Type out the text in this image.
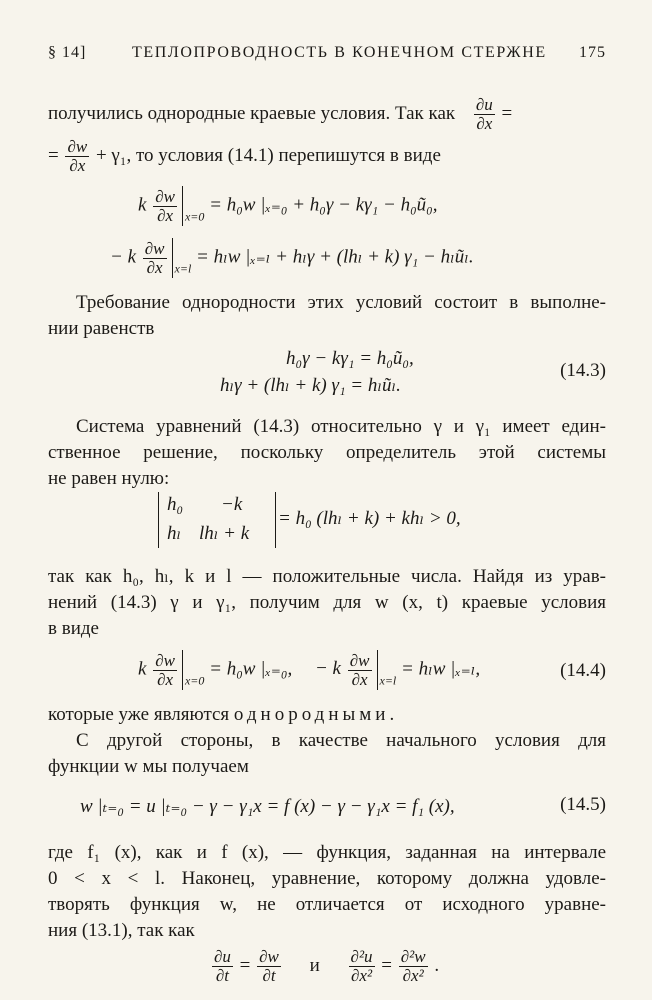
§ 14]	ТЕПЛОПРОВОДНОСТЬ В КОНЕЧНОМ СТЕРЖНЕ 175
получились однородные краевые условия. Так как $\frac{\partial u}{\partial x}$ =
= $\frac{\partial w}{\partial x} + \gamma_1$, то условия (14.1) перепишутся в виде
k $\frac{\partial w}{\partial x} _{x=0} = h_0w$ |ₓ₌₀ + h₀γ − kγ₁ − h₀ũ₀,
− k $\frac{\partial w}{\partial x} _{x=l} = h_lw$ |ₓ₌ₗ + hₗγ + (lhₗ + k) γ₁ − hₗũₗ.
Требование однородности этих условий состоит в выполне-
нии равенств
h₀γ − kγ₁ = h₀ũ₀,
hₗγ + (lhₗ + k) γ₁ = hₗũₗ.
(14.3)
Система уравнений (14.3) относительно γ и γ₁ имеет един-
ственное решение, поскольку определитель этой системы
не равен нулю:
h₀ −k
hₗ lhₗ + k
= h₀ (lhₗ + k) + khₗ > 0,
так как h₀, hₗ, k и l — положительные числа. Найдя из урав-
нений (14.3) γ и γ₁, получим для w (x, t) краевые условия
в виде
k $\frac{\partial w}{\partial x} _{x=0} = h_0w$ |ₓ₌₀, − k $\frac{\partial w}{\partial x} _{x=l} = h_lw$ |ₓ₌ₗ,	(14.4)
которые уже являются однородными.
С другой стороны, в качестве начального условия для
функции w мы получаем
w |ₜ₌₀ = u |ₜ₌₀ − γ − γ₁x = f (x) − γ − γ₁x = f₁ (x),	(14.5)
где f₁ (x), как и f (x), — функция, заданная на интервале
0 < x < l. Наконец, уравнение, которому должна удовле-
творять функция w, не отличается от исходного уравне-
ния (13.1), так как
$\frac{\partial u}{\partial t} = \frac{\partial w}{\partial t}$ и $\frac{\text{∂²u}}{\text{∂x²}} = \frac{\text{∂²w}}{\text{∂x²}}$ .
